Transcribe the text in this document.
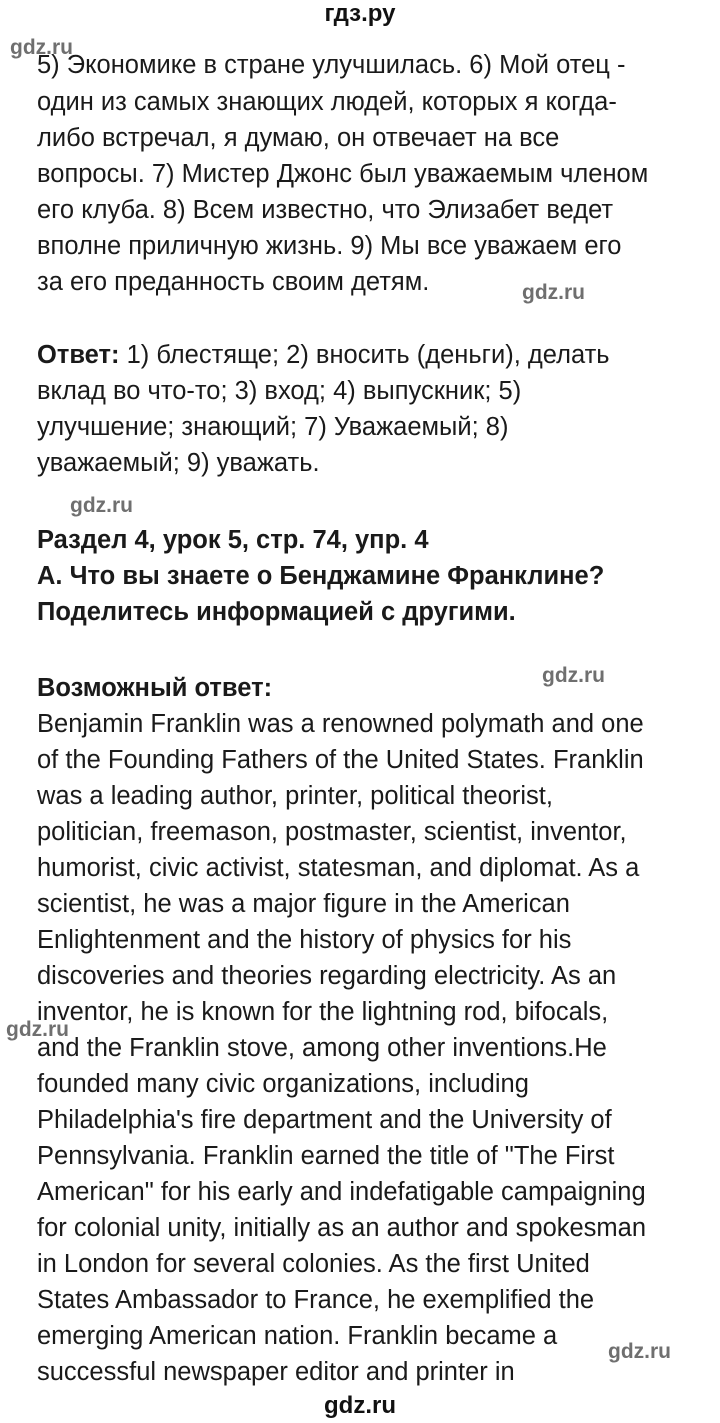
гдз.ру
gdz.ru
gdz.ru
gdz.ru
gdz.ru
gdz.ru
gdz.ru
5) Экономике в стране улучшилась. 6) Мой отец -
один из самых знающих людей, которых я когда-
либо встречал, я думаю, он отвечает на все
вопросы. 7) Мистер Джонс был уважаемым членом
его клуба. 8) Всем известно, что Элизабет ведет
вполне приличную жизнь. 9) Мы все уважаем его
за его преданность своим детям.
Ответ: 1) блестяще; 2) вносить (деньги), делать
вклад во что-то; 3) вход; 4) выпускник; 5)
улучшение; знающий; 7) Уважаемый; 8)
уважаемый; 9) уважать.
Раздел 4, урок 5, стр. 74, упр. 4
A. Что вы знаете о Бенджамине Франклине?
Поделитесь информацией с другими.
Возможный ответ:
Benjamin Franklin was a renowned polymath and one
of the Founding Fathers of the United States. Franklin
was a leading author, printer, political theorist,
politician, freemason, postmaster, scientist, inventor,
humorist, civic activist, statesman, and diplomat. As a
scientist, he was a major figure in the American
Enlightenment and the history of physics for his
discoveries and theories regarding electricity. As an
inventor, he is known for the lightning rod, bifocals,
and the Franklin stove, among other inventions.He
founded many civic organizations, including
Philadelphia's fire department and the University of
Pennsylvania. Franklin earned the title of "The First
American" for his early and indefatigable campaigning
for colonial unity, initially as an author and spokesman
in London for several colonies. As the first United
States Ambassador to France, he exemplified the
emerging American nation. Franklin became a
successful newspaper editor and printer in
gdz.ru
